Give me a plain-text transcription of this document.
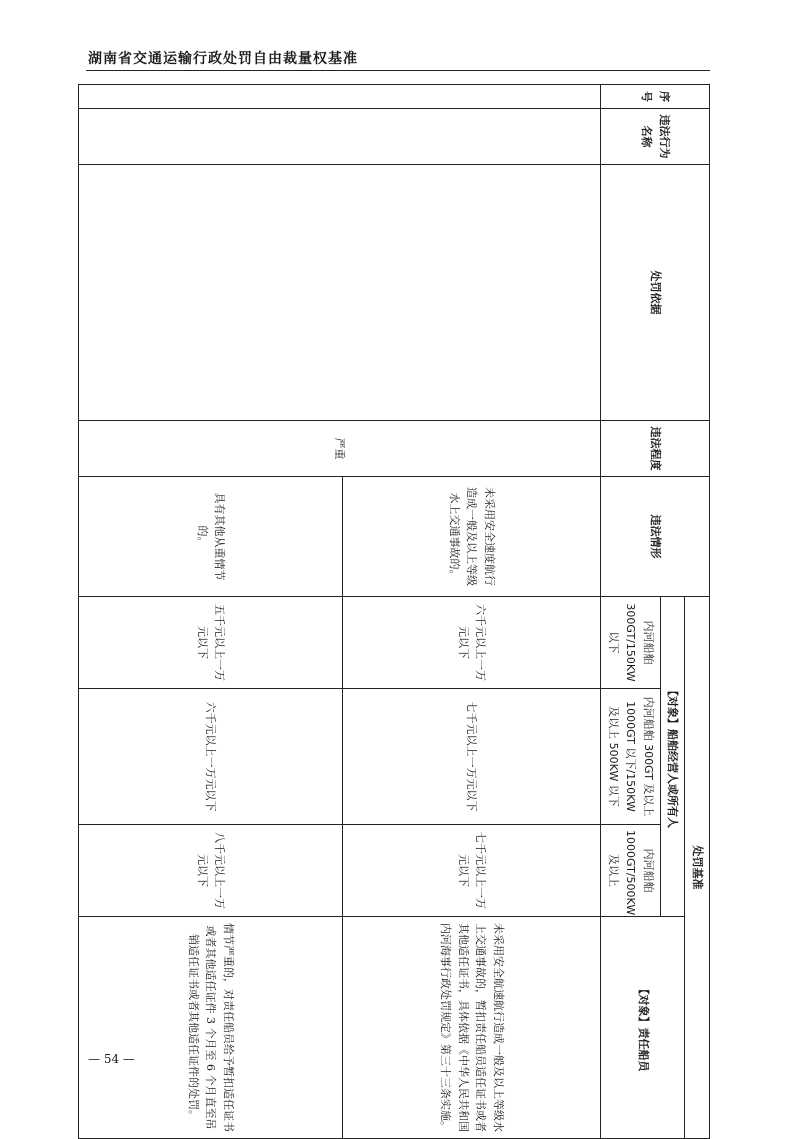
湖南省交通运输行政处罚自由裁量权基准
序号	违法行为名称	处罚依据	违法程度	违法情形	处罚基准			
					【对象】船舶经营人或所有人			【对象】责任船员
					内河船舶 300GT/150KW 以下	内河船舶 300GT 及以上 1000GT 以下/150KW 及以上 500KW 以下	内河船舶 1000GT/500KW 及以上	
			严重	未采用安全速度航行造成一般及以上等级水上交通事故的。	六千元以上一万元以下	七千元以上一万元以下	七千元以上一万元以下	未采用安全航速航行造成一般及以上等级水上交通事故的，暂扣责任船员适任证书或者其他适任证书，具体依据《中华人民共和国内河海事行政处罚规定》第三十三条实施。
				具有其他从重情节的。	五千元以上一万元以下	六千元以上一万元以下	八千元以上一万元以下	情节严重的，对责任船员给予暂扣适任证书或者其他适任证件 3 个月至 6 个月直至吊销适任证书或者其他适任证件的处罚。
— 54 —
